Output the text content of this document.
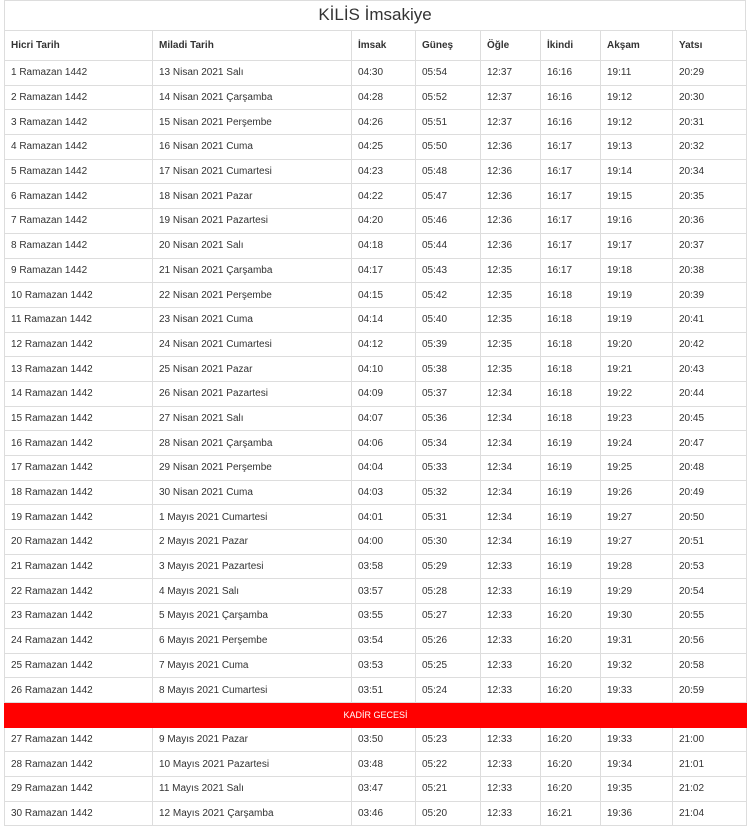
KİLİS İmsakiye
Hicri Tarih	Miladi Tarih	İmsak	Güneş	Öğle	İkindi	Akşam	Yatsı
1 Ramazan 1442	13 Nisan 2021 Salı	04:30	05:54	12:37	16:16	19:11	20:29
2 Ramazan 1442	14 Nisan 2021 Çarşamba	04:28	05:52	12:37	16:16	19:12	20:30
3 Ramazan 1442	15 Nisan 2021 Perşembe	04:26	05:51	12:37	16:16	19:12	20:31
4 Ramazan 1442	16 Nisan 2021 Cuma	04:25	05:50	12:36	16:17	19:13	20:32
5 Ramazan 1442	17 Nisan 2021 Cumartesi	04:23	05:48	12:36	16:17	19:14	20:34
6 Ramazan 1442	18 Nisan 2021 Pazar	04:22	05:47	12:36	16:17	19:15	20:35
7 Ramazan 1442	19 Nisan 2021 Pazartesi	04:20	05:46	12:36	16:17	19:16	20:36
8 Ramazan 1442	20 Nisan 2021 Salı	04:18	05:44	12:36	16:17	19:17	20:37
9 Ramazan 1442	21 Nisan 2021 Çarşamba	04:17	05:43	12:35	16:17	19:18	20:38
10 Ramazan 1442	22 Nisan 2021 Perşembe	04:15	05:42	12:35	16:18	19:19	20:39
11 Ramazan 1442	23 Nisan 2021 Cuma	04:14	05:40	12:35	16:18	19:19	20:41
12 Ramazan 1442	24 Nisan 2021 Cumartesi	04:12	05:39	12:35	16:18	19:20	20:42
13 Ramazan 1442	25 Nisan 2021 Pazar	04:10	05:38	12:35	16:18	19:21	20:43
14 Ramazan 1442	26 Nisan 2021 Pazartesi	04:09	05:37	12:34	16:18	19:22	20:44
15 Ramazan 1442	27 Nisan 2021 Salı	04:07	05:36	12:34	16:18	19:23	20:45
16 Ramazan 1442	28 Nisan 2021 Çarşamba	04:06	05:34	12:34	16:19	19:24	20:47
17 Ramazan 1442	29 Nisan 2021 Perşembe	04:04	05:33	12:34	16:19	19:25	20:48
18 Ramazan 1442	30 Nisan 2021 Cuma	04:03	05:32	12:34	16:19	19:26	20:49
19 Ramazan 1442	1 Mayıs 2021 Cumartesi	04:01	05:31	12:34	16:19	19:27	20:50
20 Ramazan 1442	2 Mayıs 2021 Pazar	04:00	05:30	12:34	16:19	19:27	20:51
21 Ramazan 1442	3 Mayıs 2021 Pazartesi	03:58	05:29	12:33	16:19	19:28	20:53
22 Ramazan 1442	4 Mayıs 2021 Salı	03:57	05:28	12:33	16:19	19:29	20:54
23 Ramazan 1442	5 Mayıs 2021 Çarşamba	03:55	05:27	12:33	16:20	19:30	20:55
24 Ramazan 1442	6 Mayıs 2021 Perşembe	03:54	05:26	12:33	16:20	19:31	20:56
25 Ramazan 1442	7 Mayıs 2021 Cuma	03:53	05:25	12:33	16:20	19:32	20:58
26 Ramazan 1442	8 Mayıs 2021 Cumartesi	03:51	05:24	12:33	16:20	19:33	20:59
KADİR GECESİ							
27 Ramazan 1442	9 Mayıs 2021 Pazar	03:50	05:23	12:33	16:20	19:33	21:00
28 Ramazan 1442	10 Mayıs 2021 Pazartesi	03:48	05:22	12:33	16:20	19:34	21:01
29 Ramazan 1442	11 Mayıs 2021 Salı	03:47	05:21	12:33	16:20	19:35	21:02
30 Ramazan 1442	12 Mayıs 2021 Çarşamba	03:46	05:20	12:33	16:21	19:36	21:04
